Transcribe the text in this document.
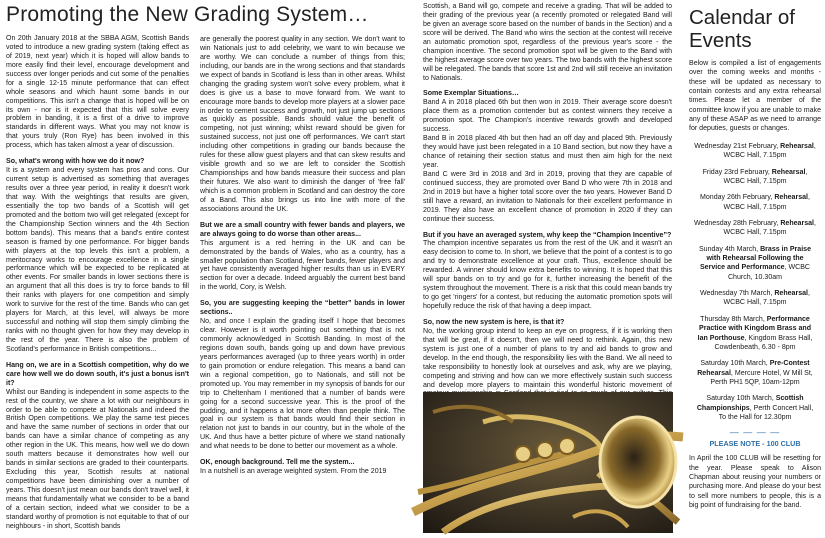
Promoting the New Grading System…

On 20th January 2018 at the SBBA AGM, Scottish Bands voted to introduce a new grading system (taking effect as of 2019, next year) which it is hoped will allow bands to more easily find their level, encourage development and success over longer periods and cut some of the penalties for a single 12-15 minute performance that can effect whole seasons and which haunt some bands in our competitions. This isn't a change that is hoped will be on its own - nor is it expected that this will solve every problem in banding, it is a first of a drive to improve standards in different ways. What you may not know is that yours truly (Ron Rye) has been involved in this process, which has taken almost a year of discussion.

So, what's wrong with how we do it now?

It is a system and every system has pros and cons. Our current setup is advertised as something that averages results over a three year period, in reality it doesn't work that way. With the weightings that results are given, essentially the top two bands of a Scottish will get promoted and the bottom two will get relegated (except for the Championship Section winners and the 4th Section bottom bands). This means that a band's entire contest season is framed by one performance. For bigger bands with players at the top levels this isn't a problem, a meritocracy works to encourage excellence in a single performance which will be expected to be replicated at other events. For smaller bands in lower sections there is an argument that all this does is try to force bands to fill their ranks with players for one competition and simply work to survive for the rest of the time. Bands who can get players for March, at this level, will always be more successful and nothing will stop them simply climbing the ranks with no thought given for how they may develop in the rest of the year. There is also the problem of Scotland's performance in British competitions...

Hang on, we are in a Scottish competition, why do we care how well we do down south, it's just a bonus isn't it?

Whilst our Banding is independent in some aspects to the rest of the country, we share a lot with our neighbours in order to be able to compete at Nationals and indeed the British Open competitions. We play the same test pieces and have the same number of sections in order that our bands can have a similar chance of competing as any other region in the UK. This means, how well we do down south matters because it demonstrates how well our bands in similar sections are graded to their counterparts. Excluding this year, Scottish results at national competitions have been diminishing over a number of years. This doesn't just mean our bands don't travel well, it means that fundamentally what we consider to be a band of a certain section, indeed what we consider to be a standard worthy of promotion is not equitable to that of our neighbours - in short, Scottish bands

are generally the poorest quality in any section. We don't want to win Nationals just to add celebrity, we want to win because we are worthy. We can conclude a number of things from this; including, our bands are in the wrong sections and that standards we expect of bands in Scotland is less than in other areas. Whilst changing the grading system won't solve every problem, what it does is give us a base to move forward from. We want to encourage more bands to develop more players at a slower pace in order to cement success and growth, not just jump up sections as quickly as possible. Bands should value the benefit of competing, not just winning; whilst reward should be given for sustained success, not just one off performances. We can't start including other competitions in grading our bands because the rules for these allow guest players and that can skew results and visible growth and so we are left to consider the Scottish Championships and how bands measure their success and plan their futures. We also want to diminish the danger of 'free fall' which is a common problem in Scotland and can destroy the core of a Band. This also brings us into line with more of the associations around the UK.

But we are a small country with fewer bands and players, we are always going to do worse than other areas...

This argument is a red herring in the UK and can be demonstrated by the bands of Wales, who as a country, has a smaller population than Scotland, fewer bands, fewer players and yet have consistently averaged higher results than us in EVERY section for over a decade. Indeed arguably the current best band in the world, Cory, is Welsh.

So, you are suggesting keeping the “better” bands in lower sections..

No, and once I explain the grading itself I hope that becomes clear. However is it worth pointing out something that is not commonly acknowledged in Scottish Banding. In most of the regions down south, bands going up and down have previous years performances averaged (up to three years worth) in order to gain promotion or endure relegation. This means a band can win a regional competition, go to Nationals, and still not be promoted up. You may remember in my synopsis of bands for our trip to Cheltenham I mentioned that a number of bands were going for a second successive year. This is the proof of the pudding, and it happens a lot more often than people think. The goal in our system is that bands would find their section in relation not just to bands in our country, but in the whole of the UK. And thus have a better picture of where we stand nationally and what needs to be done to better our movement as a whole.

OK, enough background. Tell me the system...

In a nutshell is an average weighted system. From the 2019

Scottish, a Band will go, compete and receive a grading. That will be added to their grading of the previous year (a recently promoted or relegated Band will be given an average score based on the number of bands in the Section) and a score will be derived. The Band who wins the section at the contest will receive an automatic promotion spot, regardless of the previous year's score - the champion incentive. The second promotion spot will be given to the Band with the highest average score over two years. The two bands with the highest score will be relegated. The bands that score 1st and 2nd will still receive an invitation to Nationals.

Some Exemplar Situations…

Band A in 2018 placed 6th but then won in 2019. Their average score doesn't place them as a promotion contender but as contest winners they receive a promotion spot. The Champion's incentive rewards growth and developed success.

Band B in 2018 placed 4th but then had an off day and placed 9th. Previously they would have just been relegated in a 10 Band section, but now they have a chance of retaining their section status and must then aim high for the next year.

Band C were 3rd in 2018 and 3rd in 2019, proving that they are capable of continued success, they are promoted over Band D who were 7th in 2018 and 2nd in 2019 but have a higher total score over the two years. However Band D still have a reward, an invitation to Nationals for their excellent performance in 2019. They also have an excellent chance of promotion in 2020 if they can continue their success.

But if you have an averaged system, why keep the “Champion Incentive”?

The champion incentive separates us from the rest of the UK and it wasn't an easy decision to come to. In short, we believe that the point of a contest is to go and try to demonstrate excellence at your craft. Thus, excellence should be rewarded. A winner should know extra benefits to winning. It is hoped that this will spur bands on to try and go for it, further increasing the benefit of the system throughout the movement. There is a risk that this could mean bands try to go get 'ringers' for a contest, but reducing the automatic promotion spots will hopefully reduce the risk of that having a deep impact.

So, now the new system is here, is that it?

No, the working group intend to keep an eye on progress, if it is working then that will be great, if it doesn't, then we will need to rethink. Again, this new system is just one of a number of plans to try and aid bands to grow and develop. In the end though, the responsibility lies with the Band. We all need to take responsibility to honestly look at ourselves and ask, why are we playing, competing and striving and how can we more effectively sustain such success and develop more players to maintain this wonderful historic movement of

Calendar of Events

Below is compiled a list of engagements over the coming weeks and months - these will be updated as necessary to contain contests and any extra rehearsal times. Please let a member of the committee know if you are unable to make any of these ASAP as we need to arrange for deputies, guests or changes.

Wednesday 21st February, Rehearsal, WCBC Hall, 7.15pm

Friday 23rd February, Rehearsal, WCBC Hall, 7.15pm

Monday 26th February, Rehearsal, WCBC Hall, 7.15pm

Wednesday 28th February, Rehearsal, WCBC Hall, 7.15pm

Sunday 4th March, Brass in Praise with Rehearsal Following the Service and Performance, WCBC Church, 10.30am

Wednesday 7th March, Rehearsal, WCBC Hall, 7.15pm

Thursday 8th March, Performance Practice with Kingdom Brass and Ian Porthouse, Kingdom Brass Hall, Cowdenbeath, 6.30 - 8pm

Saturday 10th March, Pre-Contest Rehearsal, Mercure Hotel, W Mill St, Perth PH1 5QP, 10am-12pm

Saturday 10th March, Scottish Championships, Perth Concert Hall, To the Hall for 12.30pm

— — — —
PLEASE NOTE - 100 CLUB

In April the 100 CLUB will be resetting for the year. Please speak to Alison Chapman about reusing your numbers or purchasing more. And please do your best to sell more numbers to people, this is a big point of fundraising for the band.
